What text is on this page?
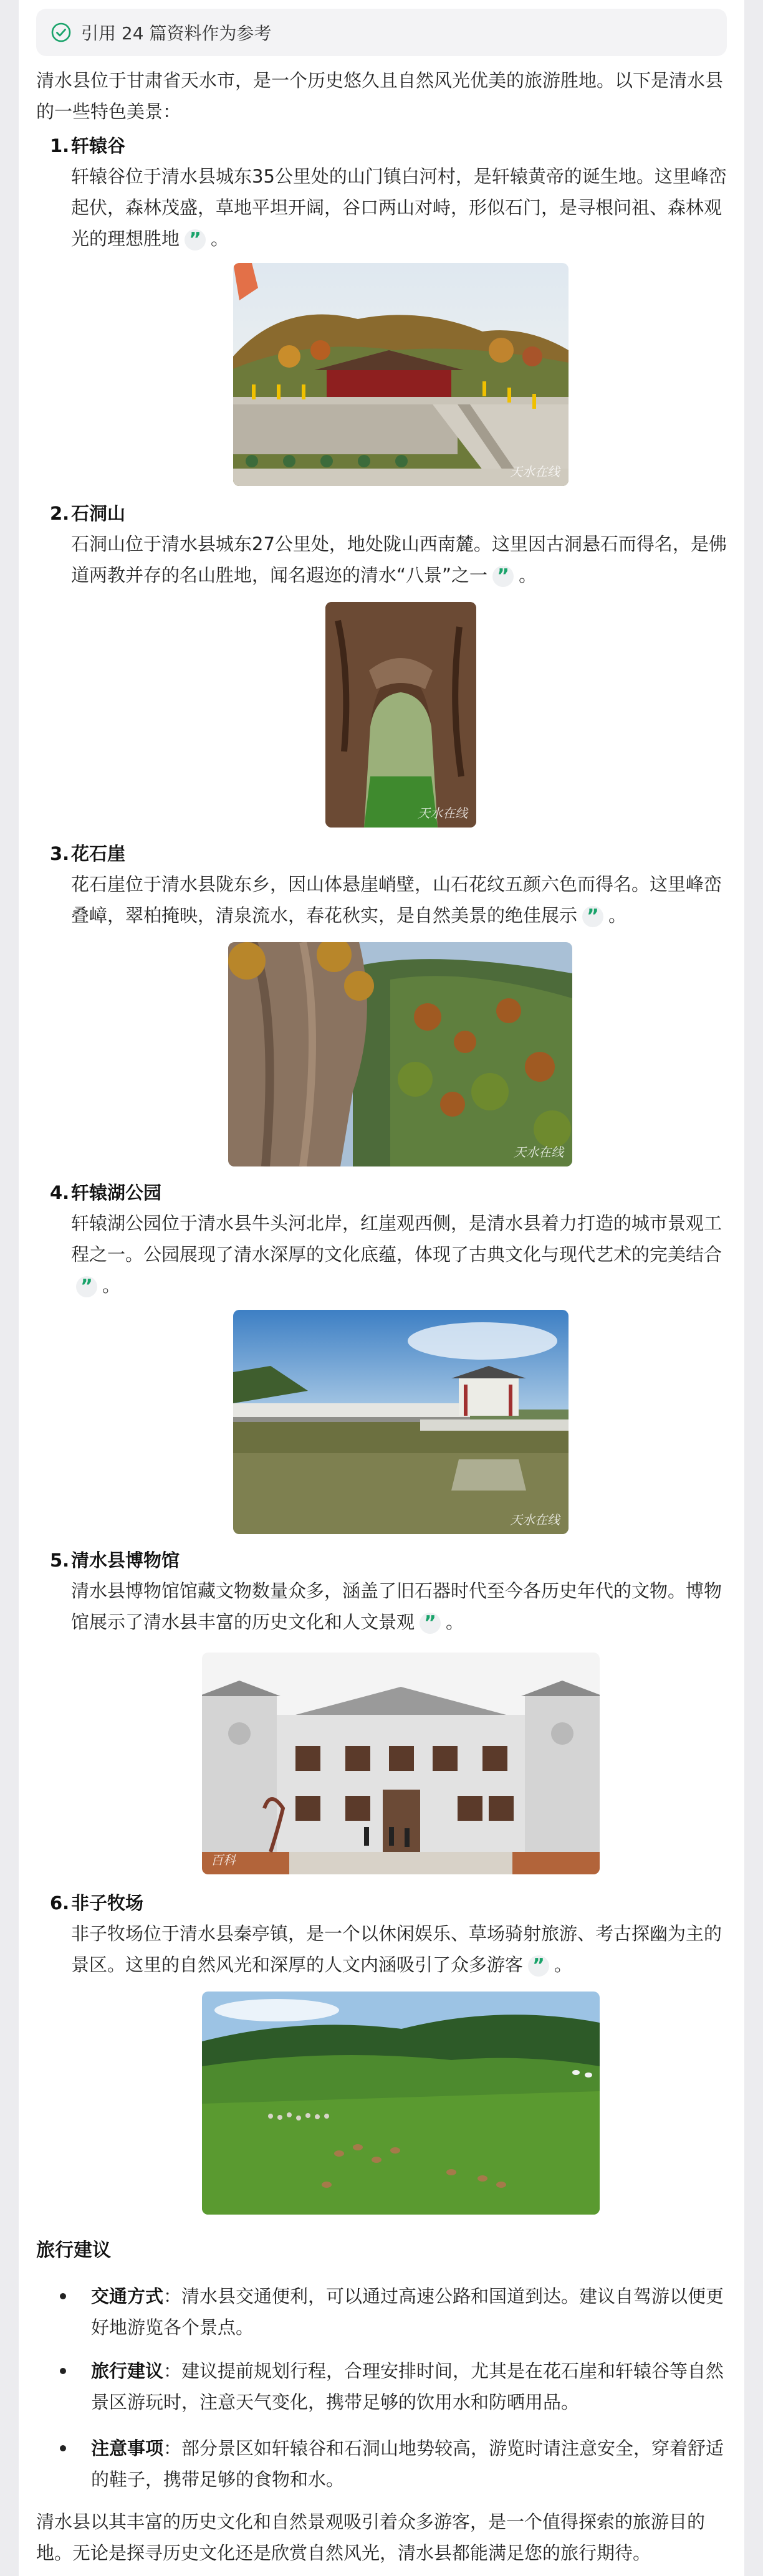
引用 24 篇资料作为参考
清水县位于甘肃省天水市，是一个历史悠久且自然风光优美的旅游胜地。以下是清水县的一些特色美景：
1.轩辕谷
轩辕谷位于清水县城东35公里处的山门镇白河村，是轩辕黄帝的诞生地。这里峰峦起伏，森林茂盛，草地平坦开阔，谷口两山对峙，形似石门，是寻根问祖、森林观光的理想胜地 ” 。
天水在线
2.石洞山
石洞山位于清水县城东27公里处，地处陇山西南麓。这里因古洞悬石而得名，是佛道两教并存的名山胜地，闻名遐迩的清水“八景”之一 ” 。
天水在线
3.花石崖
花石崖位于清水县陇东乡，因山体悬崖峭壁，山石花纹五颜六色而得名。这里峰峦叠嶂，翠柏掩映，清泉流水，春花秋实，是自然美景的绝佳展示 ” 。
天水在线
4.轩辕湖公园
轩辕湖公园位于清水县牛头河北岸，红崖观西侧，是清水县着力打造的城市景观工程之一。公园展现了清水深厚的文化底蕴，体现了古典文化与现代艺术的完美结合” 。
天水在线
5.清水县博物馆
清水县博物馆馆藏文物数量众多，涵盖了旧石器时代至今各历史年代的文物。博物馆展示了清水县丰富的历史文化和人文景观 ” 。
百科
6.非子牧场
非子牧场位于清水县秦亭镇，是一个以休闲娱乐、草场骑射旅游、考古探幽为主的景区。这里的自然风光和深厚的人文内涵吸引了众多游客 ” 。
旅行建议
交通方式：清水县交通便利，可以通过高速公路和国道到达。建议自驾游以便更好地游览各个景点。
旅行建议：建议提前规划行程，合理安排时间，尤其是在花石崖和轩辕谷等自然景区游玩时，注意天气变化，携带足够的饮用水和防晒用品。
注意事项：部分景区如轩辕谷和石洞山地势较高，游览时请注意安全，穿着舒适的鞋子，携带足够的食物和水。
清水县以其丰富的历史文化和自然景观吸引着众多游客，是一个值得探索的旅游目的地。无论是探寻历史文化还是欣赏自然风光，清水县都能满足您的旅行期待。
